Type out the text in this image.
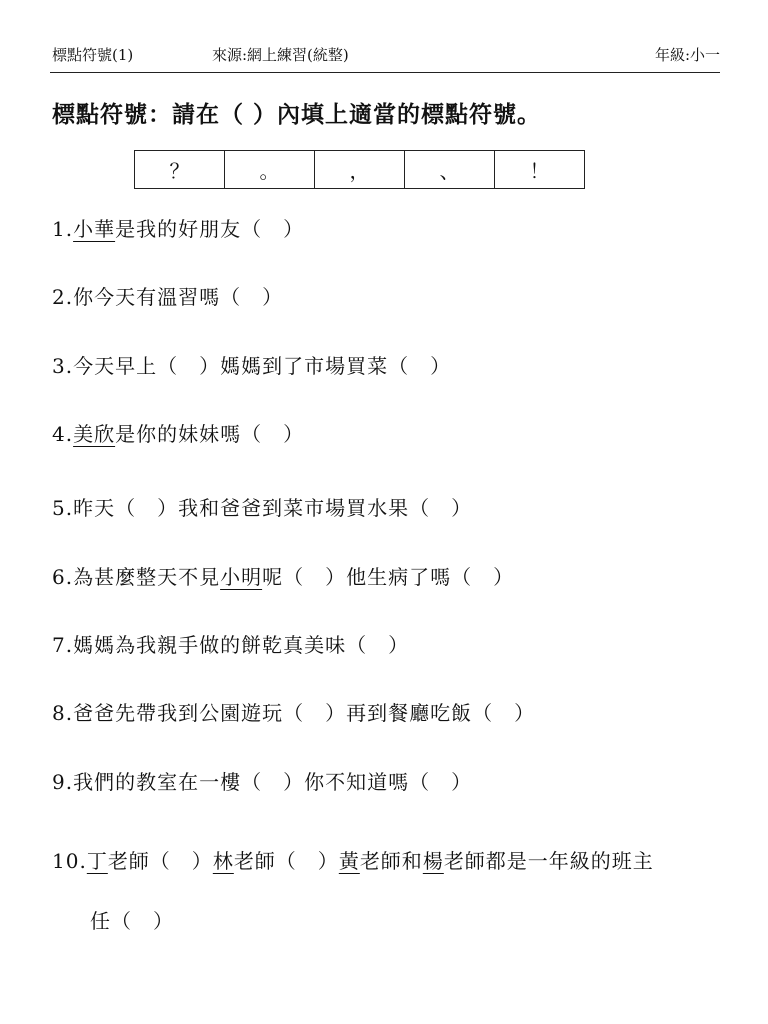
標點符號(1)	來源:網上練習(統整)	年級:小一
標點符號：請在（ ）內填上適當的標點符號。
？	。	，	、	！
1.小華是我的好朋友（　）
2.你今天有溫習嗎（　）
3.今天早上（　）媽媽到了市場買菜（　）
4.美欣是你的妹妹嗎（　）
5.昨天（　）我和爸爸到菜市場買水果（　）
6.為甚麼整天不見小明呢（　）他生病了嗎（　）
7.媽媽為我親手做的餅乾真美味（　）
8.爸爸先帶我到公園遊玩（　）再到餐廳吃飯（　）
9.我們的教室在一樓（　）你不知道嗎（　）
10.丁老師（　）林老師（　）黃老師和楊老師都是一年級的班主
任（　）
